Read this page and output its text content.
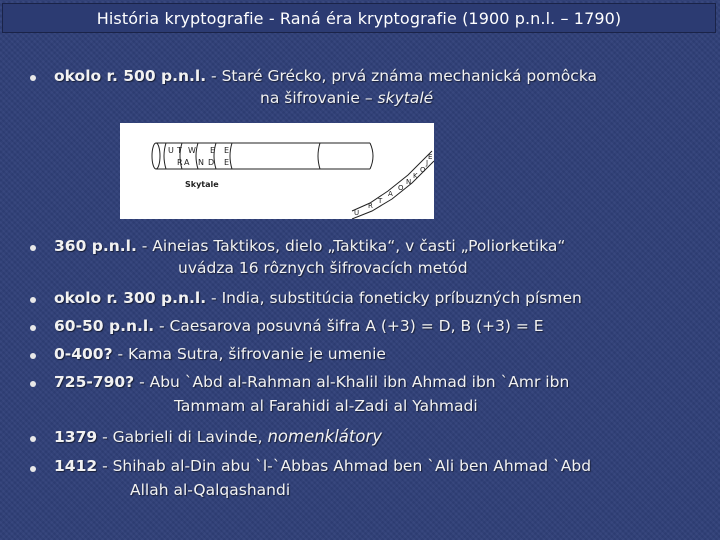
História kryptografie - Raná éra kryptografie (1900 p.n.l. – 1790)
okolo r. 500 p.n.l. - Staré Grécko, prvá známa mechanická pomôcka
na šifrovanie – skytalé
U T W E
R A N D
E
E
Skytale
U
R
T
A
O
N
K
O
J
E
360 p.n.l. - Aineias Taktikos, dielo „Taktika“, v časti „Poliorketika“
uvádza 16 rôznych šifrovacích metód
okolo r. 300 p.n.l. - India, substitúcia foneticky príbuzných písmen
60-50 p.n.l. - Caesarova posuvná šifra A (+3) = D, B (+3) = E
0-400? - Kama Sutra, šifrovanie je umenie
725-790? - Abu `Abd al-Rahman al-Khalil ibn Ahmad ibn `Amr ibn
Tammam al Farahidi al-Zadi al Yahmadi
1379 - Gabrieli di Lavinde, nomenklátory
1412 - Shihab al-Din abu `l-`Abbas Ahmad ben `Ali ben Ahmad `Abd
Allah al-Qalqashandi
